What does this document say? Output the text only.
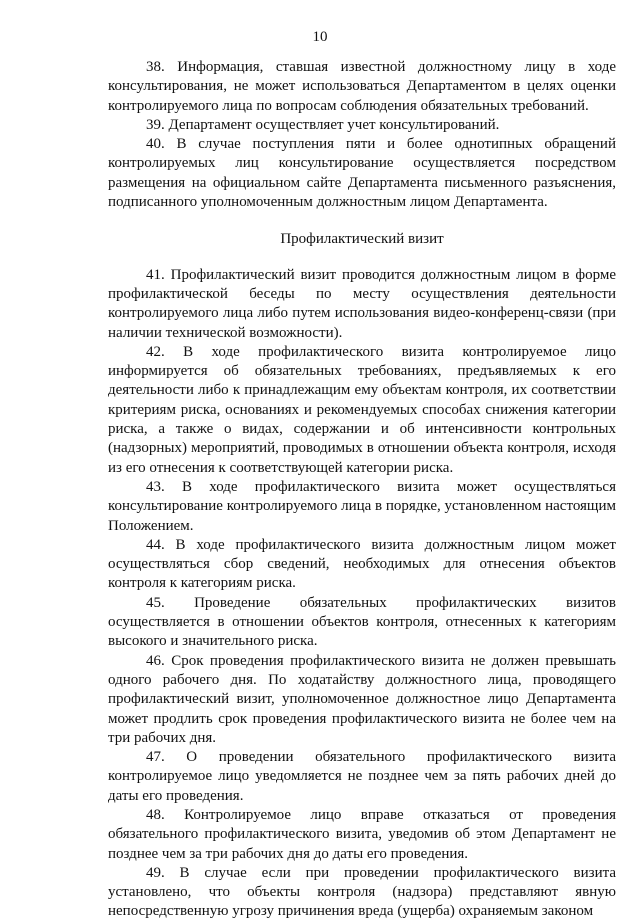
10

38. Информация, ставшая известной должностному лицу в ходе консультирования, не может использоваться Департаментом в целях оценки контролируемого лица по вопросам соблюдения обязательных требований.

39. Департамент осуществляет учет консультирований.

40. В случае поступления пяти и более однотипных обращений контролируемых лиц консультирование осуществляется посредством размещения на официальном сайте Департамента письменного разъяснения, подписанного уполномоченным должностным лицом Департамента.

Профилактический визит

41. Профилактический визит проводится должностным лицом в форме профилактической беседы по месту осуществления деятельности контролируемого лица либо путем использования видео-конференц-связи (при наличии технической возможности).

42. В ходе профилактического визита контролируемое лицо информируется об обязательных требованиях, предъявляемых к его деятельности либо к принадлежащим ему объектам контроля, их соответствии критериям риска, основаниях и рекомендуемых способах снижения категории риска, а также о видах, содержании и об интенсивности контрольных (надзорных) мероприятий, проводимых в отношении объекта контроля, исходя из его отнесения к соответствующей категории риска.

43. В ходе профилактического визита может осуществляться консультирование контролируемого лица в порядке, установленном настоящим Положением.

44. В ходе профилактического визита должностным лицом может осуществляться сбор сведений, необходимых для отнесения объектов контроля к категориям риска.

45. Проведение обязательных профилактических визитов осуществляется в отношении объектов контроля, отнесенных к категориям высокого и значительного риска.

46. Срок проведения профилактического визита не должен превышать одного рабочего дня. По ходатайству должностного лица, проводящего профилактический визит, уполномоченное должностное лицо Департамента может продлить срок проведения профилактического визита не более чем на три рабочих дня.

47. О проведении обязательного профилактического визита контролируемое лицо уведомляется не позднее чем за пять рабочих дней до даты его проведения.

48. Контролируемое лицо вправе отказаться от проведения обязательного профилактического визита, уведомив об этом Департамент не позднее чем за три рабочих дня до даты его проведения.

49. В случае если при проведении профилактического визита установлено, что объекты контроля (надзора) представляют явную непосредственную угрозу причинения вреда (ущерба) охраняемым законом
